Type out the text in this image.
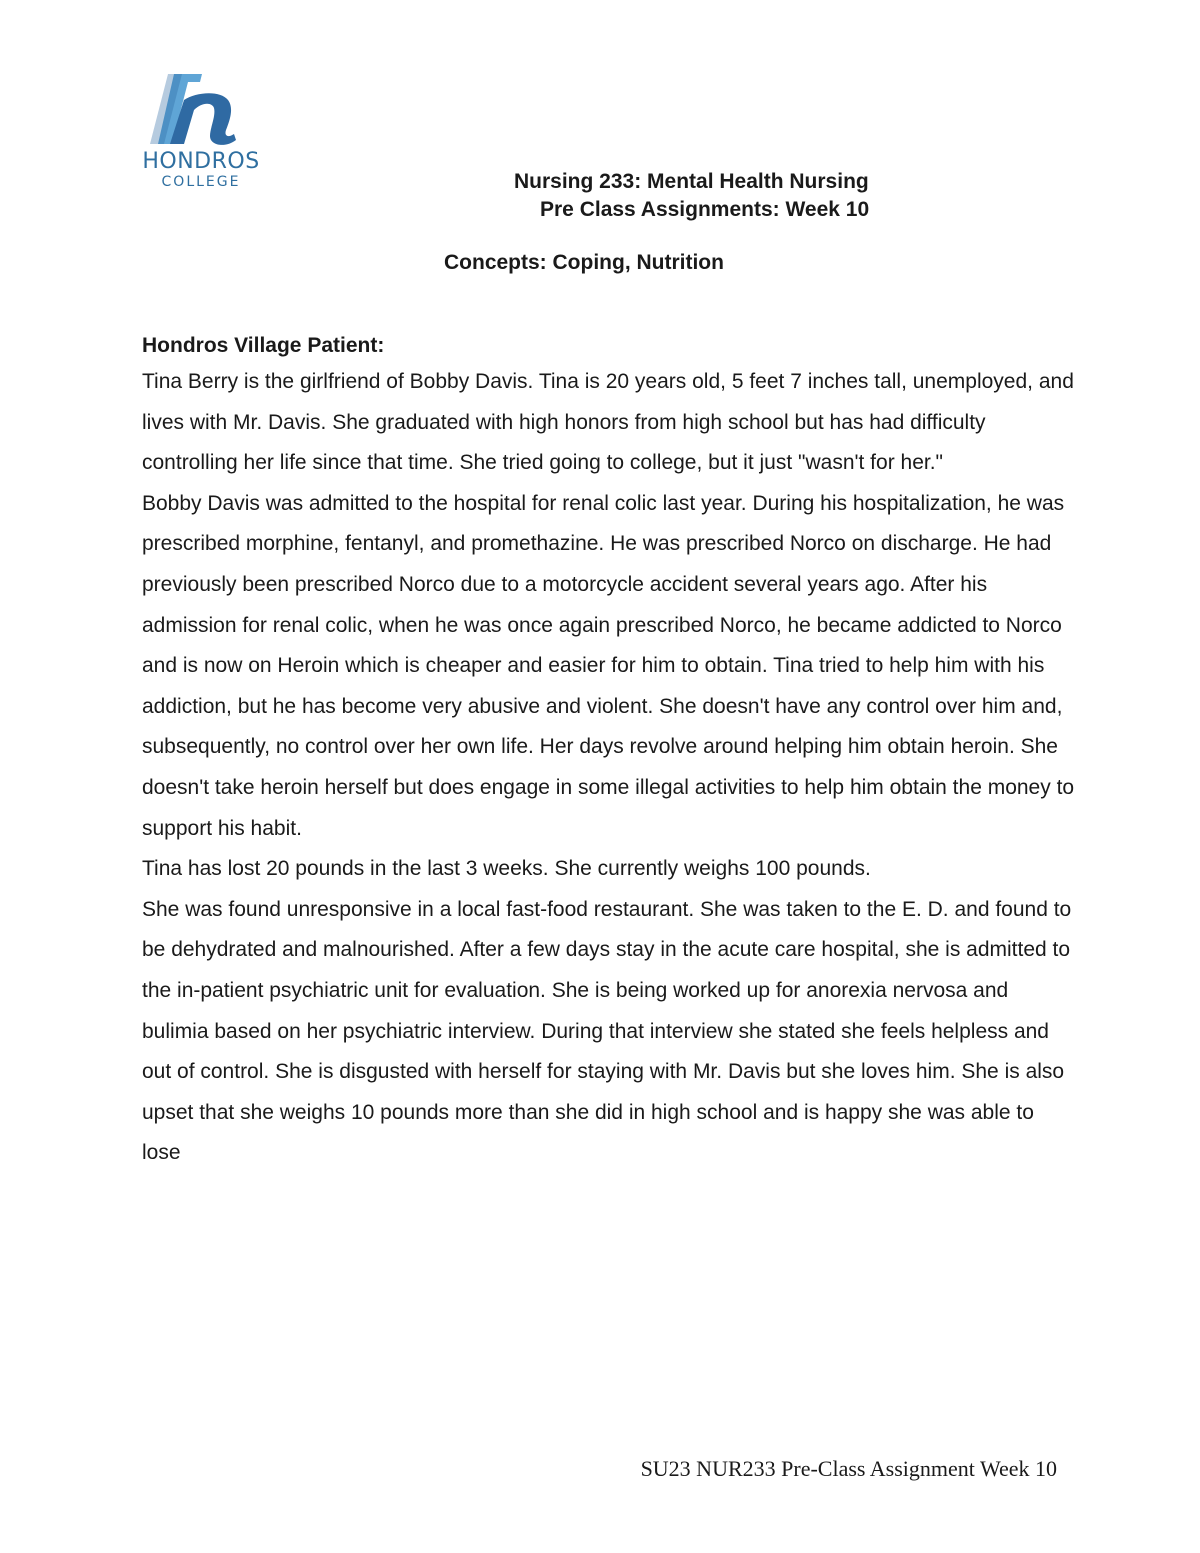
HONDROS
COLLEGE	Nursing 233: Mental Health Nursing
Pre Class Assignments: Week 10
Concepts: Coping, Nutrition
Hondros Village Patient:

Tina Berry is the girlfriend of Bobby Davis. Tina is 20 years old, 5 feet 7 inches tall, unemployed, and lives with Mr. Davis. She graduated with high honors from high school but has had difficulty controlling her life since that time. She tried going to college, but it just "wasn't for her."

Bobby Davis was admitted to the hospital for renal colic last year. During his hospitalization, he was prescribed morphine, fentanyl, and promethazine. He was prescribed Norco on discharge. He had previously been prescribed Norco due to a motorcycle accident several years ago. After his admission for renal colic, when he was once again prescribed Norco, he became addicted to Norco and is now on Heroin which is cheaper and easier for him to obtain. Tina tried to help him with his addiction, but he has become very abusive and violent. She doesn't have any control over him and, subsequently, no control over her own life. Her days revolve around helping him obtain heroin. She doesn't take heroin herself but does engage in some illegal activities to help him obtain the money to support his habit.

Tina has lost 20 pounds in the last 3 weeks. She currently weighs 100 pounds.

She was found unresponsive in a local fast-food restaurant. She was taken to the E. D. and found to be dehydrated and malnourished. After a few days stay in the acute care hospital, she is admitted to the in-patient psychiatric unit for evaluation. She is being worked up for anorexia nervosa and bulimia based on her psychiatric interview. During that interview she stated she feels helpless and out of control. She is disgusted with herself for staying with Mr. Davis but she loves him. She is also upset that she weighs 10 pounds more than she did in high school and is happy she was able to lose

SU23 NUR233 Pre-Class Assignment Week 10
